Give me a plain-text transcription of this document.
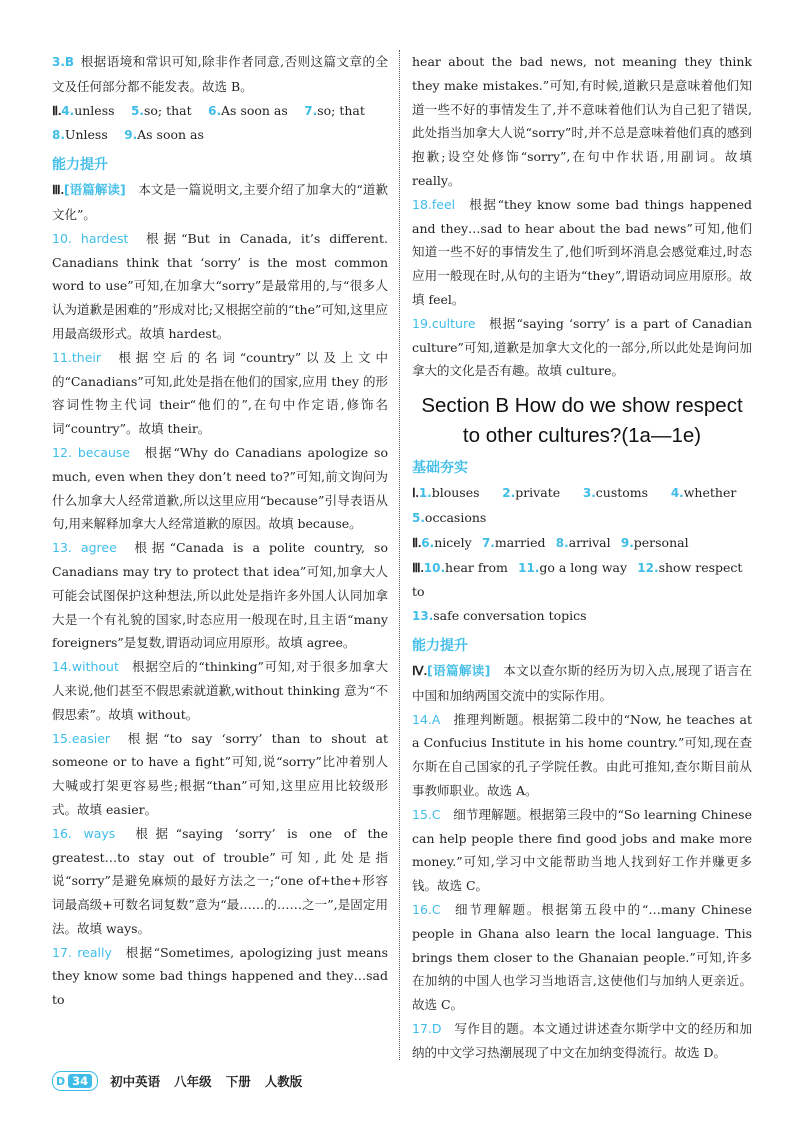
3.B  根据语境和常识可知,除非作者同意,否则这篇文章的全文及任何部分都不能发表。故选 B。

Ⅱ.4.unless  5.so; that  6.As soon as  7.so; that

8.Unless  9.As soon as

能力提升

Ⅲ.[语篇解读]  本文是一篇说明文,主要介绍了加拿大的“道歉文化”。

10. hardest  根据“But in Canada, it’s different. Canadians think that ‘sorry’ is the most common word to use”可知,在加拿大“sorry”是最常用的,与“很多人认为道歉是困难的”形成对比;又根据空前的“the”可知,这里应用最高级形式。故填 hardest。

11.their  根据空后的名词“country”以及上文中的“Canadians”可知,此处是指在他们的国家,应用 they 的形容词性物主代词 their“他们的”,在句中作定语,修饰名词“country”。故填 their。

12. because  根据“Why do Canadians apologize so much, even when they don’t need to?”可知,前文询问为什么加拿大人经常道歉,所以这里应用“because”引导表语从句,用来解释加拿大人经常道歉的原因。故填 because。

13. agree  根据“Canada is a polite country, so Canadians may try to protect that idea”可知,加拿大人可能会试图保护这种想法,所以此处是指许多外国人认同加拿大是一个有礼貌的国家,时态应用一般现在时,且主语“many foreigners”是复数,谓语动词应用原形。故填 agree。

14.without  根据空后的“thinking”可知,对于很多加拿大人来说,他们甚至不假思索就道歉,without thinking 意为“不假思索”。故填 without。

15.easier  根据“to say ‘sorry’ than to shout at someone or to have a fight”可知,说“sorry”比冲着别人大喊或打架更容易些;根据“than”可知,这里应用比较级形式。故填 easier。

16. ways  根据“saying ‘sorry’ is one of the greatest…to stay out of trouble”可知,此处是指说“sorry”是避免麻烦的最好方法之一;“one of+the+形容词最高级+可数名词复数”意为“最……的……之一”,是固定用法。故填 ways。

17. really  根据“Sometimes, apologizing just means they know some bad things happened and they…sad to

hear about the bad news, not meaning they think they make mistakes.”可知,有时候,道歉只是意味着他们知道一些不好的事情发生了,并不意味着他们认为自己犯了错误,此处指当加拿大人说“sorry”时,并不总是意味着他们真的感到抱歉;设空处修饰“sorry”,在句中作状语,用副词。故填 really。

18.feel  根据“they know some bad things happened and they…sad to hear about the bad news”可知,他们知道一些不好的事情发生了,他们听到坏消息会感觉难过,时态应用一般现在时,从句的主语为“they”,谓语动词应用原形。故填 feel。

19.culture  根据“saying ‘sorry’ is a part of Canadian culture”可知,道歉是加拿大文化的一部分,所以此处是询问加拿大的文化是否有趣。故填 culture。

Section B How do we show respect
to other cultures?(1a—1e)
基础夯实

Ⅰ.1.blouses   2.private   3.customs   4.whether

5.occasions

Ⅱ.6.nicely  7.married  8.arrival  9.personal

Ⅲ.10.hear from  11.go a long way  12.show respect to

13.safe conversation topics

能力提升

Ⅳ.[语篇解读]  本文以查尔斯的经历为切入点,展现了语言在中国和加纳两国交流中的实际作用。

14.A  推理判断题。根据第二段中的“Now, he teaches at a Confucius Institute in his home country.”可知,现在查尔斯在自己国家的孔子学院任教。由此可推知,查尔斯目前从事教师职业。故选 A。

15.C  细节理解题。根据第三段中的“So learning Chinese can help people there find good jobs and make more money.”可知,学习中文能帮助当地人找到好工作并赚更多钱。故选 C。

16.C  细节理解题。根据第五段中的“…many Chinese people in Ghana also learn the local language. This brings them closer to the Ghanaian people.”可知,许多在加纳的中国人也学习当地语言,这使他们与加纳人更亲近。故选 C。

17.D  写作目的题。本文通过讲述查尔斯学中文的经历和加纳的中文学习热潮展现了中文在加纳变得流行。故选 D。

D 34	初中英语 八年级 下册 人教版
